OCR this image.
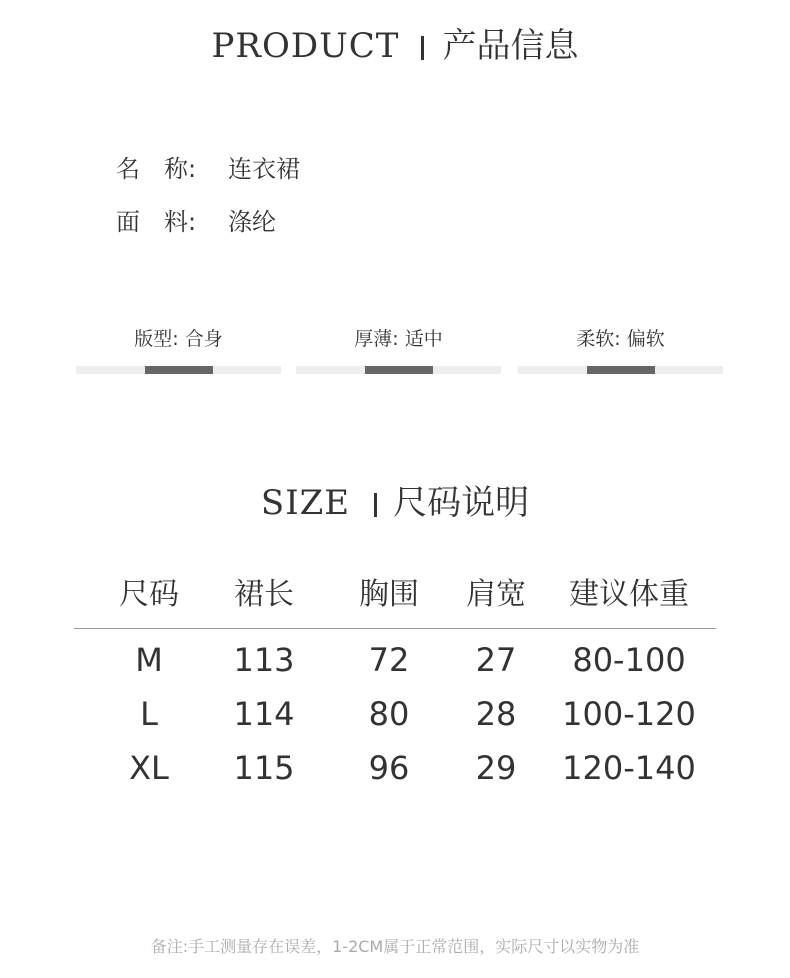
PRODUCT 产品信息
名　称: 连衣裙
面　料: 涤纶
版型: 合身	厚薄: 适中	柔软: 偏软
SIZE 尺码说明
尺码	裙长	胸围	肩宽	建议体重
M	113	72	27	80-100
L	114	80	28	100-120
XL	115	96	29	120-140
备注:手工测量存在误差，1-2CM属于正常范围，实际尺寸以实物为准
